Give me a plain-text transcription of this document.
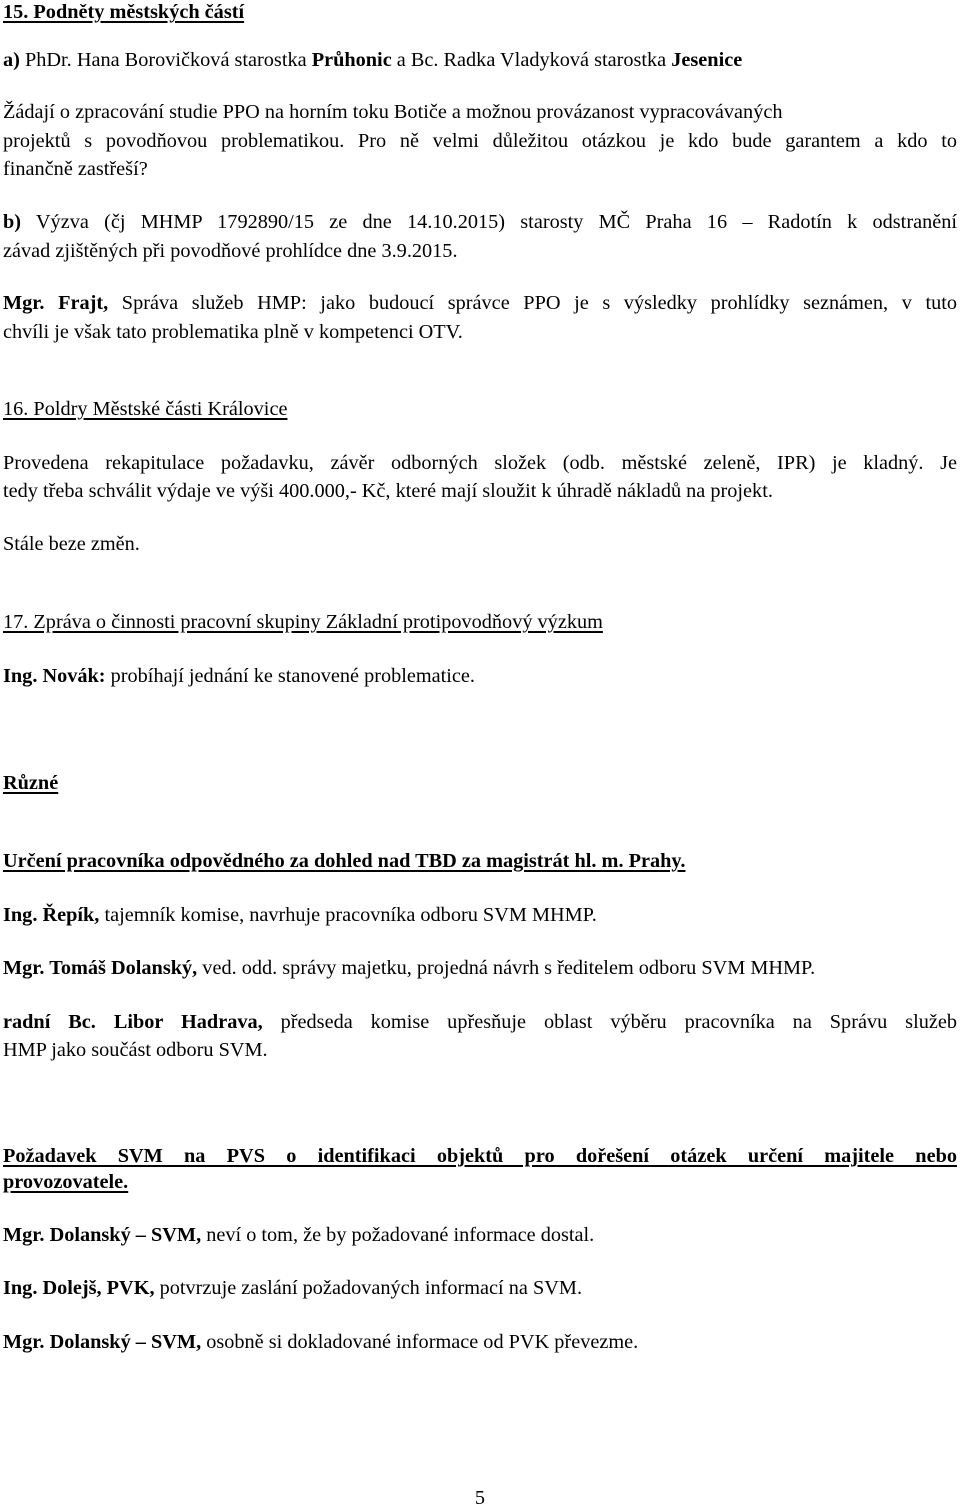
15. Podněty městských částí
a) PhDr. Hana Borovičková starostka Průhonic a Bc. Radka Vladyková starostka Jesenice
Žádají o zpracování studie PPO na horním toku Botiče a možnou provázanost vypracovávaných
projektů s povodňovou problematikou. Pro ně velmi důležitou otázkou je kdo bude garantem a kdo to
finančně zastřeší?
b) Výzva (čj MHMP 1792890/15 ze dne 14.10.2015) starosty MČ Praha 16 – Radotín k odstranění
závad zjištěných při povodňové prohlídce dne 3.9.2015.
Mgr. Frajt, Správa služeb HMP: jako budoucí správce PPO je s výsledky prohlídky seznámen, v tuto
chvíli je však tato problematika plně v kompetenci OTV.
16. Poldry Městské části Královice
Provedena rekapitulace požadavku, závěr odborných složek (odb. městské zeleně, IPR) je kladný. Je
tedy třeba schválit výdaje ve výši 400.000,- Kč, které mají sloužit k úhradě nákladů na projekt.
Stále beze změn.
17. Zpráva o činnosti pracovní skupiny Základní protipovodňový výzkum
Ing. Novák: probíhají jednání ke stanovené problematice.
Různé
Určení pracovníka odpovědného za dohled nad TBD za magistrát hl. m. Prahy.
Ing. Řepík, tajemník komise, navrhuje pracovníka odboru SVM MHMP.
Mgr. Tomáš Dolanský, ved. odd. správy majetku, projedná návrh s ředitelem odboru SVM MHMP.
radní Bc. Libor Hadrava, předseda komise upřesňuje oblast výběru pracovníka na Správu služeb
HMP jako součást odboru SVM.
Požadavek SVM na PVS o identifikaci objektů pro dořešení otázek určení majitele nebo
provozovatele.
Mgr. Dolanský – SVM, neví o tom, že by požadované informace dostal.
Ing. Dolejš, PVK, potvrzuje zaslání požadovaných informací na SVM.
Mgr. Dolanský – SVM, osobně si dokladované informace od PVK převezme.
5
